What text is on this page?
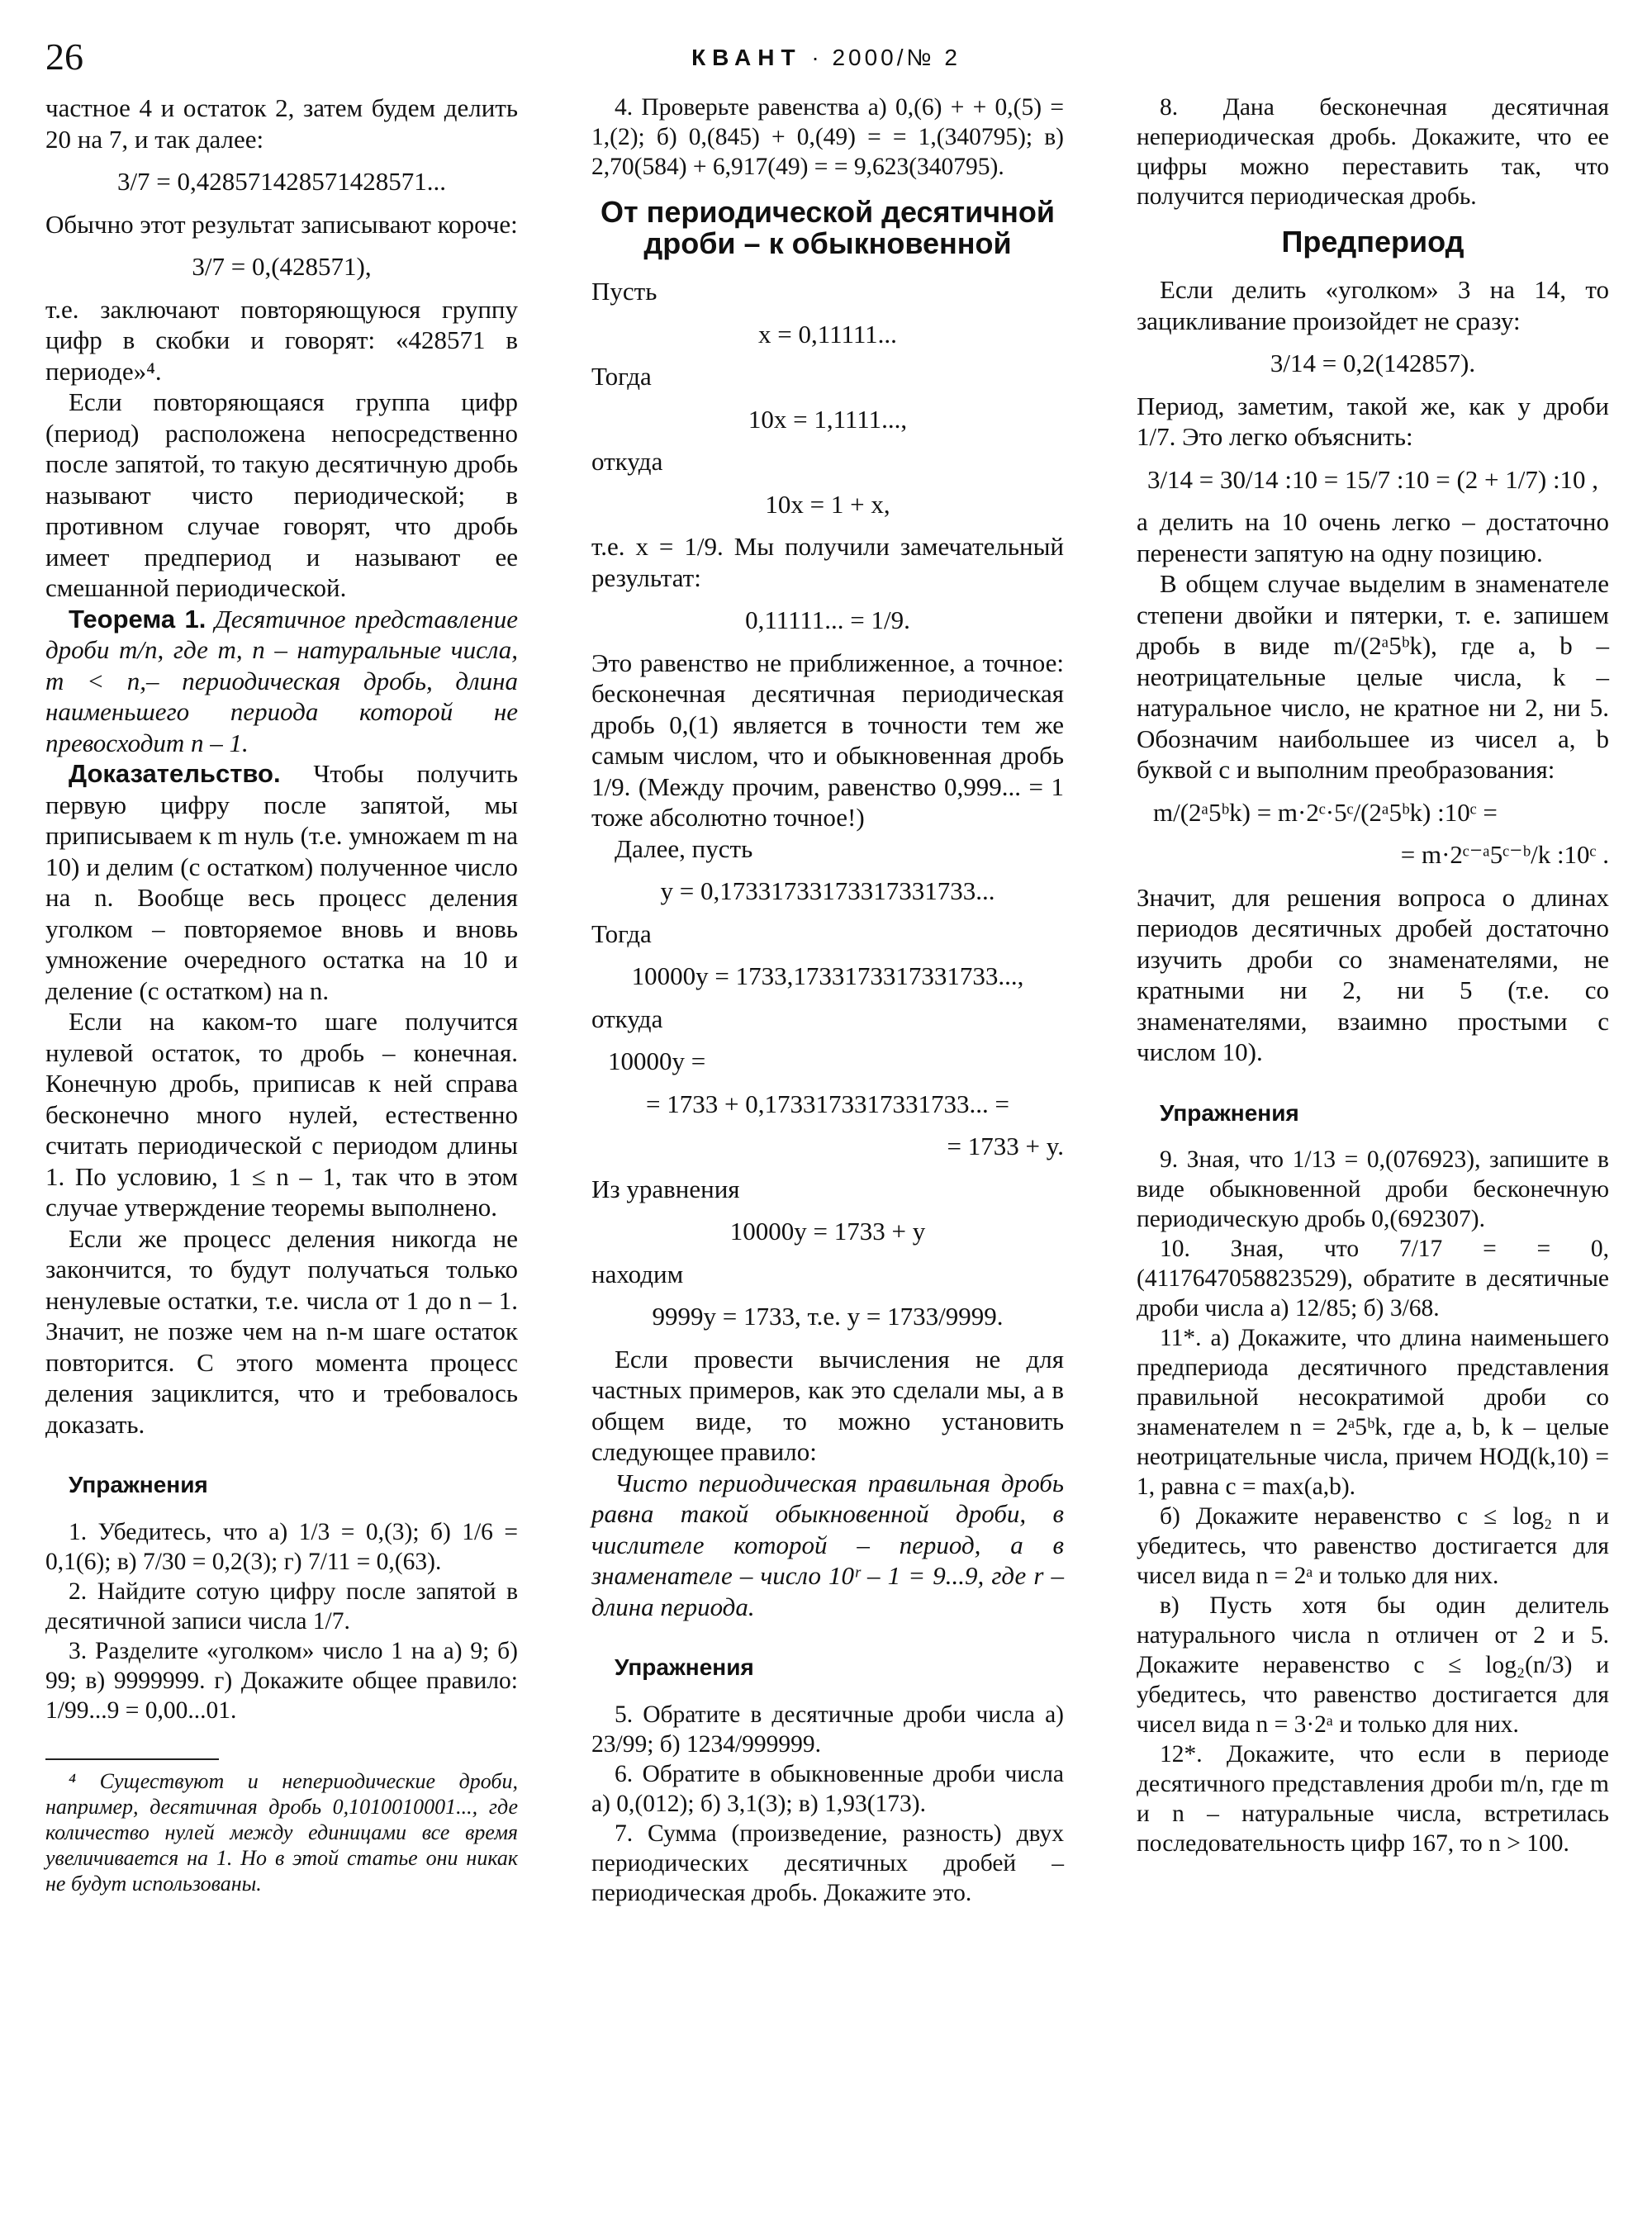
26	КВАНТ · 2000/№ 2

частное 4 и остаток 2, затем будем делить 20 на 7, и так далее:

3/7 = 0,428571428571428571...

Обычно этот результат записывают короче:

3/7 = 0,(428571),

т.е. заключают повторяющуюся группу цифр в скобки и говорят: «428571 в периоде»⁴.

Если повторяющаяся группа цифр (период) расположена непосредственно после запятой, то такую десятичную дробь называют чисто периодической; в противном случае говорят, что дробь имеет предпериод и называют ее смешанной периодической.

Теорема 1. Десятичное представление дроби m/n, где m, n – натуральные числа, m < n,– периодическая дробь, длина наименьшего периода которой не превосходит n – 1.

Доказательство. Чтобы получить первую цифру после запятой, мы приписываем к m нуль (т.е. умножаем m на 10) и делим (с остатком) полученное число на n. Вообще весь процесс деления уголком – повторяемое вновь и вновь умножение очередного остатка на 10 и деление (с остатком) на n.

Если на каком-то шаге получится нулевой остаток, то дробь – конечная. Конечную дробь, приписав к ней справа бесконечно много нулей, естественно считать периодической с периодом длины 1. По условию, 1 ≤ n – 1, так что в этом случае утверждение теоремы выполнено.

Если же процесс деления никогда не закончится, то будут получаться только ненулевые остатки, т.е. числа от 1 до n – 1. Значит, не позже чем на n-м шаге остаток повторится. С этого момента процесс деления зациклится, что и требовалось доказать.

Упражнения

1. Убедитесь, что а) 1/3 = 0,(3); б) 1/6 = 0,1(6); в) 7/30 = 0,2(3); г) 7/11 = 0,(63).

2. Найдите сотую цифру после запятой в десятичной записи числа 1/7.

3. Разделите «уголком» число 1 на а) 9; б) 99; в) 9999999. г) Докажите общее правило: 1/99...9 = 0,00...01.

⁴ Существуют и непериодические дроби, например, десятичная дробь 0,1010010001..., где количество нулей между единицами все время увеличивается на 1. Но в этой статье они никак не будут использованы.

4. Проверьте равенства а) 0,(6) + + 0,(5) = 1,(2); б) 0,(845) + 0,(49) = = 1,(340795); в) 2,70(584) + 6,917(49) = = 9,623(340795).

От периодической десятичной дроби – к обыкновенной

Пусть

x = 0,11111...

Тогда

10x = 1,1111...,

откуда

10x = 1 + x,

т.е. x = 1/9. Мы получили замечательный результат:

0,11111... = 1/9.

Это равенство не приближенное, а точное: бесконечная десятичная периодическая дробь 0,(1) является в точности тем же самым числом, что и обыкновенная дробь 1/9. (Между прочим, равенство 0,999... = 1 тоже абсолютно точное!)

Далее, пусть

y = 0,17331733173317331733...

Тогда

10000y = 1733,1733173317331733...,

откуда

10000y =
= 1733 + 0,1733173317331733... =
= 1733 + y.

Из уравнения

10000y = 1733 + y

находим

9999y = 1733, т.е. y = 1733/9999.

Если провести вычисления не для частных примеров, как это сделали мы, а в общем виде, то можно установить следующее правило:

Чисто периодическая правильная дробь равна такой обыкновенной дроби, в числителе которой – период, а в знаменателе – число 10ʳ – 1 = 9...9, где r – длина периода.

Упражнения

5. Обратите в десятичные дроби числа а) 23/99; б) 1234/999999.

6. Обратите в обыкновенные дроби числа а) 0,(012); б) 3,1(3); в) 1,93(173).

7. Сумма (произведение, разность) двух периодических десятичных дробей – периодическая дробь. Докажите это.

8. Дана бесконечная десятичная непериодическая дробь. Докажите, что ее цифры можно переставить так, что получится периодическая дробь.

Предпериод

Если делить «уголком» 3 на 14, то зацикливание произойдет не сразу:

3/14 = 0,2(142857).

Период, заметим, такой же, как у дроби 1/7. Это легко объяснить:

3/14 = 30/14 :10 = 15/7 :10 = (2 + 1/7) :10 ,

а делить на 10 очень легко – достаточно перенести запятую на одну позицию.

В общем случае выделим в знаменателе степени двойки и пятерки, т. е. запишем дробь в виде m/(2ᵃ5ᵇk), где a, b – неотрицательные целые числа, k – натуральное число, не кратное ни 2, ни 5. Обозначим наибольшее из чисел a, b буквой c и выполним преобразования:

m/(2ᵃ5ᵇk) = m·2ᶜ·5ᶜ/(2ᵃ5ᵇk) :10ᶜ =
= m·2ᶜ⁻ᵃ5ᶜ⁻ᵇ/k :10ᶜ .

Значит, для решения вопроса о длинах периодов десятичных дробей достаточно изучить дроби со знаменателями, не кратными ни 2, ни 5 (т.е. со знаменателями, взаимно простыми с числом 10).

Упражнения

9. Зная, что 1/13 = 0,(076923), запишите в виде обыкновенной дроби бесконечную периодическую дробь 0,(692307).

10. Зная, что 7/17 = = 0,(4117647058823529), обратите в десятичные дроби числа а) 12/85; б) 3/68.

11*. а) Докажите, что длина наименьшего предпериода десятичного представления правильной несократимой дроби со знаменателем n = 2ᵃ5ᵇk, где a, b, k – целые неотрицательные числа, причем НОД(k,10) = 1, равна c = max(a,b).

б) Докажите неравенство c ≤ log₂ n и убедитесь, что равенство достигается для чисел вида n = 2ᵃ и только для них.

в) Пусть хотя бы один делитель натурального числа n отличен от 2 и 5. Докажите неравенство c ≤ log₂(n/3) и убедитесь, что равенство достигается для чисел вида n = 3·2ᵃ и только для них.

12*. Докажите, что если в периоде десятичного представления дроби m/n, где m и n – натуральные числа, встретилась последовательность цифр 167, то n > 100.
